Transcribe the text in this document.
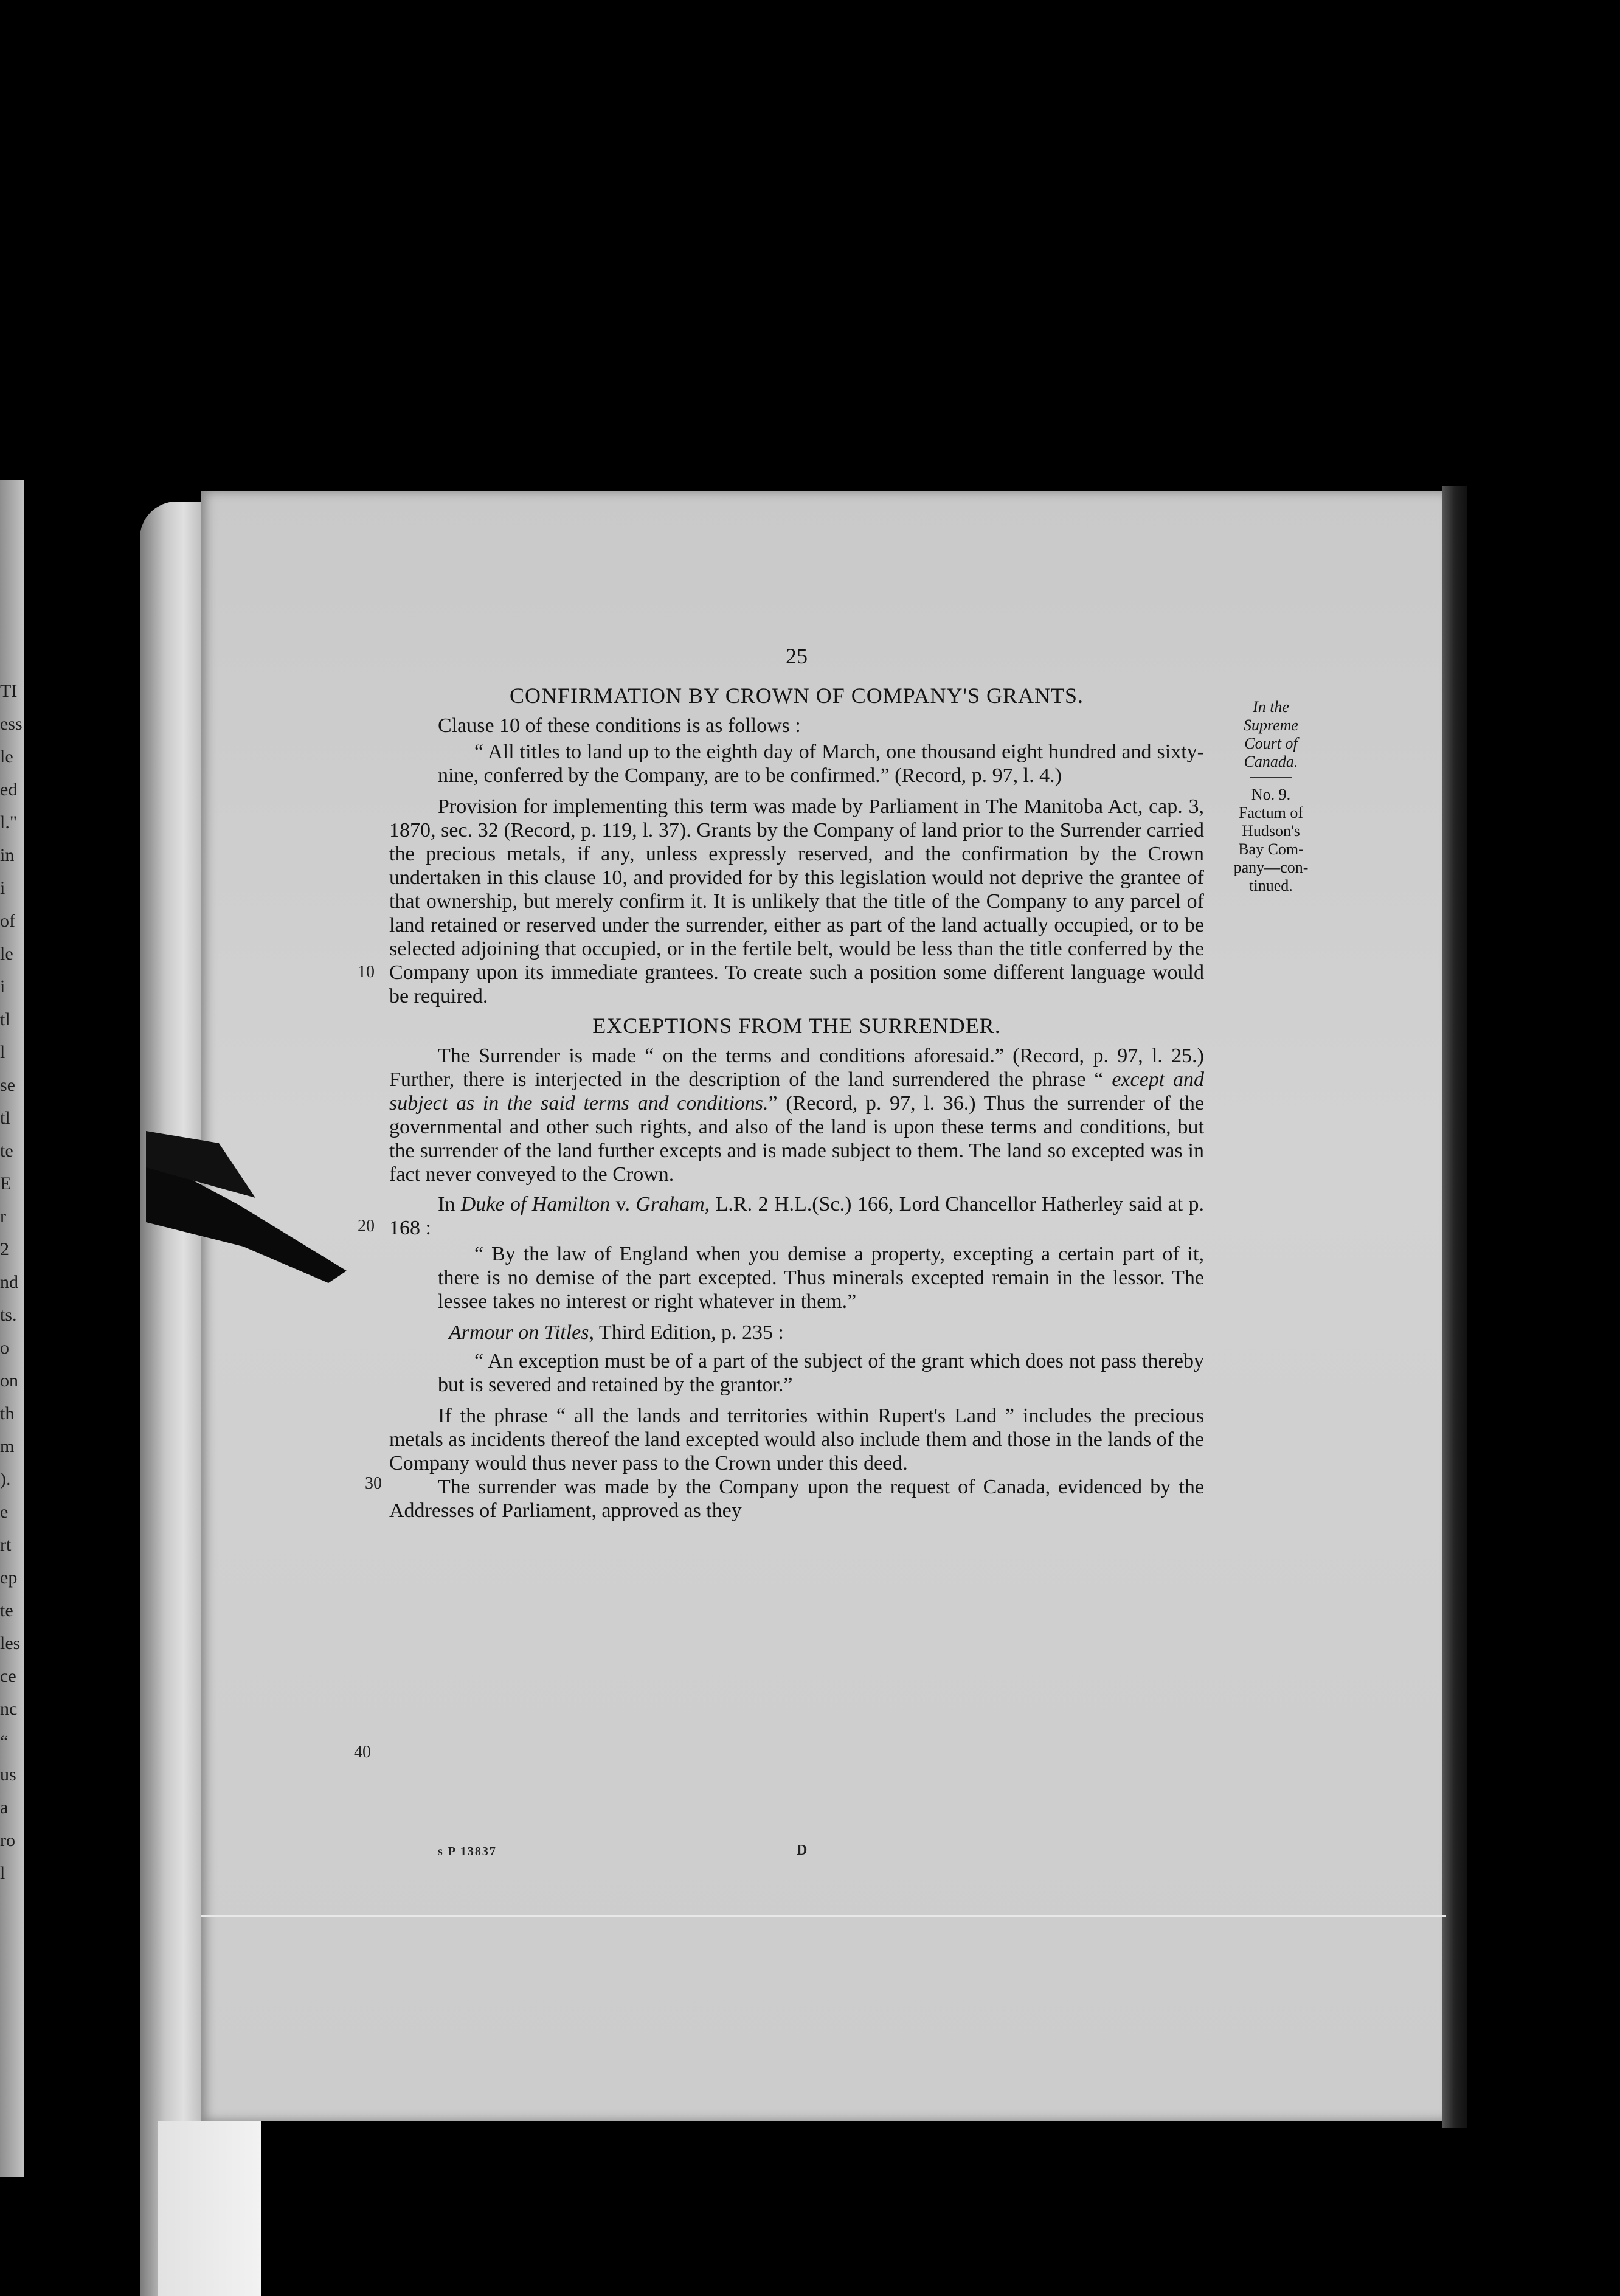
TI
ess
le
ed
l."
in
i
of
le
i
tl
l
se
tl
te
E
r
2
nd
ts.
o
on
th
m
).
e
rt
ep
te
les
ce
nc
“
us
a
ro
l
25
CONFIRMATION BY CROWN OF COMPANY'S GRANTS.

Clause 10 of these conditions is as follows :

“ All titles to land up to the eighth day of March, one thousand eight hundred and sixty-nine, conferred by the Company, are to be confirmed.” (Record, p. 97, l. 4.)

Provision for implementing this term was made by Parliament in The Manitoba Act, cap. 3, 1870, sec. 32 (Record, p. 119, l. 37). Grants by the Company of land prior to the Surrender carried the precious metals, if any, unless expressly reserved, and the confirmation by the Crown undertaken in this clause 10, and provided for by this legislation would not deprive the grantee of that ownership, but merely confirm it. It is unlikely that the title of the Company to any parcel of land retained or reserved under the surrender, either as part of the land actually occupied, or to be selected adjoining that occupied, or in the fertile belt, would be less than the title conferred by the Company upon its immediate grantees. To create such a position some different language would be required.

EXCEPTIONS FROM THE SURRENDER.

The Surrender is made “ on the terms and conditions aforesaid.” (Record, p. 97, l. 25.) Further, there is interjected in the description of the land surrendered the phrase “ except and subject as in the said terms and conditions.” (Record, p. 97, l. 36.) Thus the surrender of the governmental and other such rights, and also of the land is upon these terms and conditions, but the surrender of the land further excepts and is made subject to them. The land so excepted was in fact never conveyed to the Crown.

In Duke of Hamilton v. Graham, L.R. 2 H.L.(Sc.) 166, Lord Chancellor Hatherley said at p. 168 :

“ By the law of England when you demise a property, excepting a certain part of it, there is no demise of the part excepted. Thus minerals excepted remain in the lessor. The lessee takes no interest or right whatever in them.”

Armour on Titles, Third Edition, p. 235 :

“ An exception must be of a part of the subject of the grant which does not pass thereby but is severed and retained by the grantor.”

If the phrase “ all the lands and territories within Rupert's Land ” includes the precious metals as incidents thereof the land excepted would also include them and those in the lands of the Company would thus never pass to the Crown under this deed.

The surrender was made by the Company upon the request of Canada, evidenced by the Addresses of Parliament, approved as they

10
20
30
40
In the
Supreme
Court of
Canada.
No. 9.
Factum of
Hudson's
Bay Com-
pany—con-
tinued.
s P 13837	D
